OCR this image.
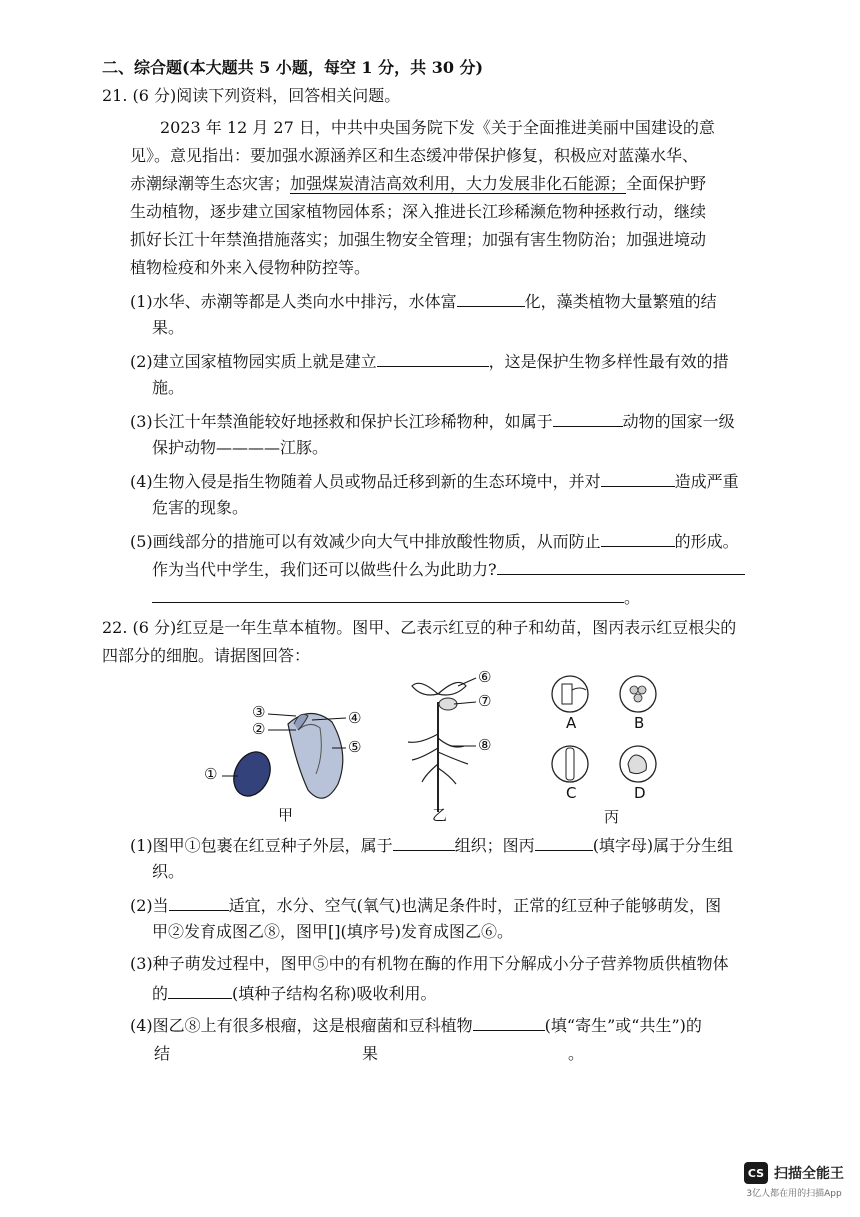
二、综合题(本大题共 5 小题，每空 1 分，共 30 分)
21. (6 分)阅读下列资料，回答相关问题。
2023 年 12 月 27 日，中共中央国务院下发《关于全面推进美丽中国建设的意
见》。意见指出：要加强水源涵养区和生态缓冲带保护修复，积极应对蓝藻水华、
赤潮绿潮等生态灾害；加强煤炭清洁高效利用，大力发展非化石能源；全面保护野
生动植物，逐步建立国家植物园体系；深入推进长江珍稀濒危物种拯救行动，继续
抓好长江十年禁渔措施落实；加强生物安全管理；加强有害生物防治；加强进境动
植物检疫和外来入侵物种防控等。
(1)水华、赤潮等都是人类向水中排污，水体富	化，藻类植物大量繁殖的结
果。
(2)建立国家植物园实质上就是建立	，这是保护生物多样性最有效的措
施。
(3)长江十年禁渔能较好地拯救和保护长江珍稀物种，如属于	动物的国家一级
保护动物————江豚。
(4)生物入侵是指生物随着人员或物品迁移到新的生态环境中，并对	造成严重
危害的现象。
(5)画线部分的措施可以有效减少向大气中排放酸性物质，从而防止	的形成。
作为当代中学生，我们还可以做些什么为此助力?
。
22. (6 分)红豆是一年生草本植物。图甲、乙表示红豆的种子和幼苗，图丙表示红豆根尖的
四部分的细胞。请据图回答：
①
③
②
④
⑤
⑥
⑦
⑧
A	B
C	D
甲	乙	丙
(1)图甲①包裹在红豆种子外层，属于	组织；图丙	(填字母)属于分生组
织。
(2)当	适宜，水分、空气(氧气)也满足条件时，正常的红豆种子能够萌发，图
甲②发育成图乙⑧，图甲[](填序号)发育成图乙⑥。
(3)种子萌发过程中，图甲⑤中的有机物在酶的作用下分解成小分子营养物质供植物体
的	(填种子结构名称)吸收利用。
(4)图乙⑧上有很多根瘤，这是根瘤菌和豆科植物	(填“寄生”或“共生”)的
结	果	。
CS 扫描全能王
3亿人都在用的扫描App
